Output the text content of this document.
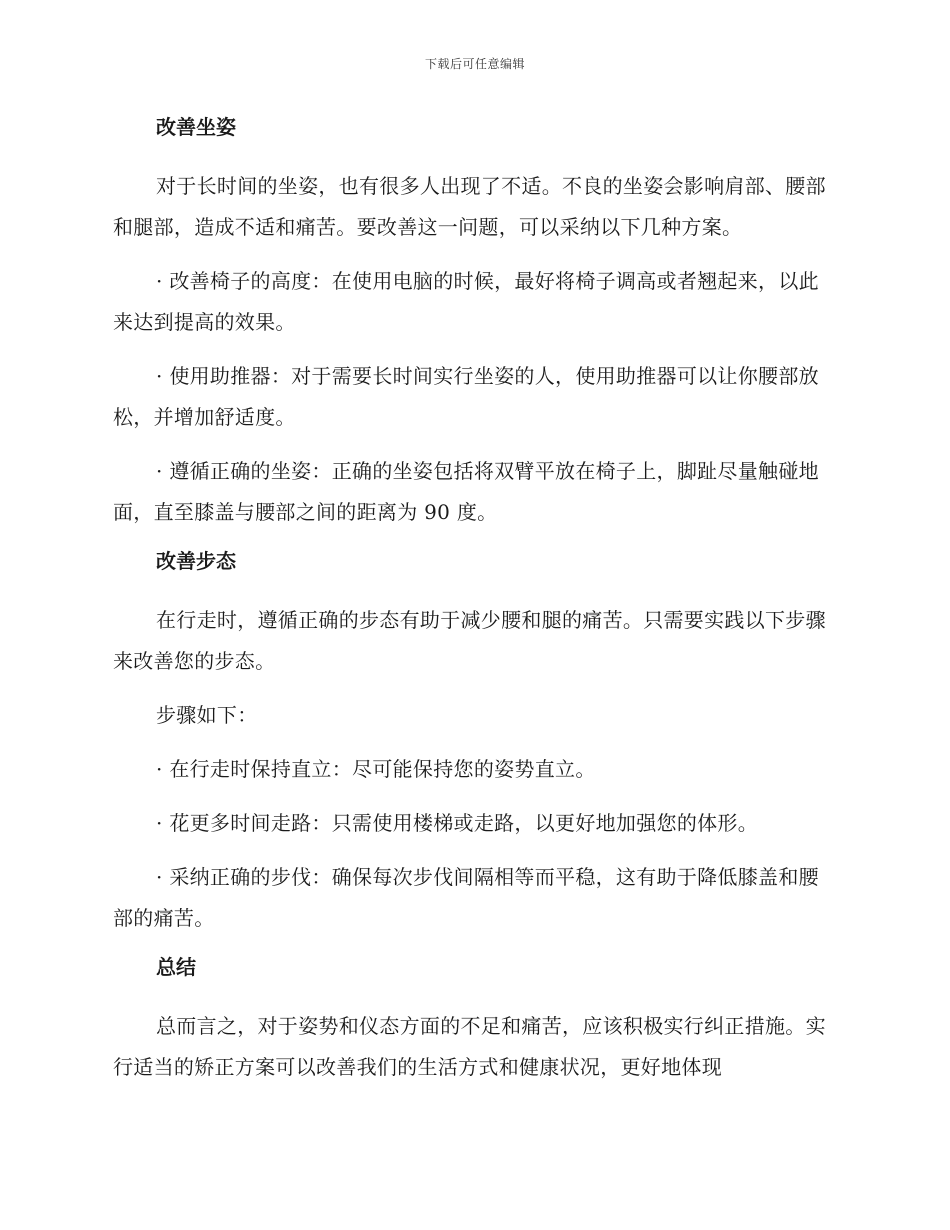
下载后可任意编辑
改善坐姿

对于长时间的坐姿，也有很多人出现了不适。不良的坐姿会影响肩部、腰部和腿部，造成不适和痛苦。要改善这一问题，可以采纳以下几种方案。

· 改善椅子的高度：在使用电脑的时候，最好将椅子调高或者翘起来，以此来达到提高的效果。

· 使用助推器：对于需要长时间实行坐姿的人，使用助推器可以让你腰部放松，并增加舒适度。

· 遵循正确的坐姿：正确的坐姿包括将双臂平放在椅子上，脚趾尽量触碰地面，直至膝盖与腰部之间的距离为 90 度。

改善步态

在行走时，遵循正确的步态有助于减少腰和腿的痛苦。只需要实践以下步骤来改善您的步态。

步骤如下：

· 在行走时保持直立：尽可能保持您的姿势直立。

· 花更多时间走路：只需使用楼梯或走路，以更好地加强您的体形。

· 采纳正确的步伐：确保每次步伐间隔相等而平稳，这有助于降低膝盖和腰部的痛苦。

总结

总而言之，对于姿势和仪态方面的不足和痛苦，应该积极实行纠正措施。实行适当的矫正方案可以改善我们的生活方式和健康状况，更好地体现
